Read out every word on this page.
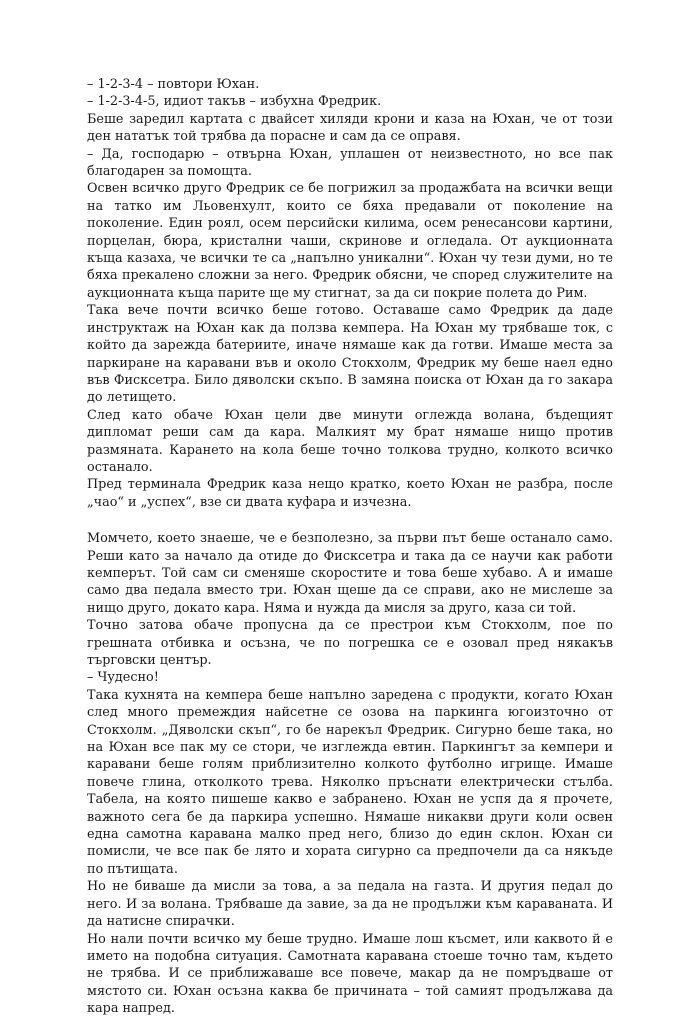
– 1-2-3-4 – повтори Юхан.

– 1-2-3-4-5, идиот такъв – избухна Фредрик.

Беше заредил картата с двайсет хиляди крони и каза на Юхан, че от този ден нататък той трябва да порасне и сам да се оправя.

– Да, господарю – отвърна Юхан, уплашен от неизвестното, но все пак благодарен за помощта.

Освен всичко друго Фредрик се бе погрижил за продажбата на всички вещи на татко им Льовенхулт, които се бяха предавали от поколение на поколение. Един роял, осем персийски килима, осем ренесансови картини, порцелан, бюра, кристални чаши, скринове и огледала. От аукционната къща казаха, че всички те са „напълно уникални“. Юхан чу тези думи, но те бяха прекалено сложни за него. Фредрик обясни, че според служителите на аукционната къща парите ще му стигнат, за да си покрие полета до Рим.

Така вече почти всичко беше готово. Оставаше само Фредрик да даде инструктаж на Юхан как да ползва кемпера. На Юхан му трябваше ток, с който да зарежда батериите, иначе нямаше как да готви. Имаше места за паркиране на каравани във и около Стокхолм, Фредрик му беше нaел едно във Фисксетра. Било дяволски скъпо. В замяна поиска от Юхан да го закара до летището.

След като обаче Юхан цели две минути оглежда волана, бъдещият дипломат реши сам да кара. Малкият му брат нямаше нищо против размяната. Карането на кола беше точно толкова трудно, колкото всичко останало.

Пред терминала Фредрик каза нещо кратко, което Юхан не разбра, после „чао“ и „успех“, взе си двата куфара и изчезна.

Момчето, което знаеше, че е безполезно, за първи път беше останало само. Реши като за начало да отиде до Фисксетра и така да се научи как работи кемперът. Той сам си сменяше скоростите и това беше хубаво. А и имаше само два педала вместо три. Юхан щеше да се справи, ако не мислеше за нищо друго, докато кара. Няма и нужда да мисля за друго, каза си той.

Точно затова обаче пропусна да се престрои към Стокхолм, пое по грешната отбивка и осъзна, че по погрешка се е озовал пред някакъв търговски център.

– Чудесно!

Така кухнята на кемпера беше напълно заредена с продукти, когато Юхан след много премеждия найсетне се озова на паркинга югоизточно от Стокхолм. „Дяволски скъп“, го бе нарекъл Фредрик. Сигурно беше така, но на Юхан все пак му се стори, че изглежда евтин. Паркингът за кемпери и каравани беше голям приблизително колкото футболно игрище. Имаше повече глина, отколкото трева. Няколко пръснати електрически стълба. Табела, на която пишеше какво е забранено. Юхан не успя да я прочете, важното сега бе да паркира успешно. Нямаше никакви други коли освен една самотна каравана малко пред него, близо до един склон. Юхан си помисли, че все пак бе лято и хората сигурно са предпочели да са някъде по пътищата.

Но не биваше да мисли за това, а за педала на газта. И другия педал до него. И за волана. Трябваше да завие, за да не продължи към караваната. И да натисне спирачки.

Но нали почти всичко му беше трудно. Имаше лош късмет, или каквото й е името на подобна ситуация. Самотната каравана стоеше точно там, където не трябва. И се приближаваше все повече, макар да не помръдваше от мястото си. Юхан осъзна каква бе причината – той самият продължава да кара напред.
